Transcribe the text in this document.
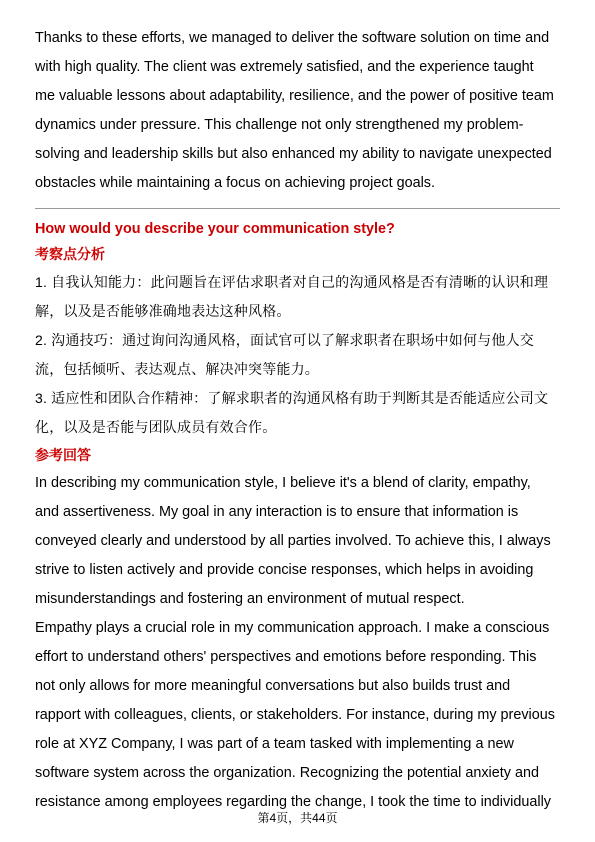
Thanks to these efforts, we managed to deliver the software solution on time and

with high quality. The client was extremely satisfied, and the experience taught

me valuable lessons about adaptability, resilience, and the power of positive team

dynamics under pressure. This challenge not only strengthened my problem-

solving and leadership skills but also enhanced my ability to navigate unexpected

obstacles while maintaining a focus on achieving project goals.

How would you describe your communication style?

考察点分析

1. 自我认知能力：此问题旨在评估求职者对自己的沟通风格是否有清晰的认识和理

解，以及是否能够准确地表达这种风格。

2. 沟通技巧：通过询问沟通风格，面试官可以了解求职者在职场中如何与他人交

流，包括倾听、表达观点、解决冲突等能力。

3. 适应性和团队合作精神：了解求职者的沟通风格有助于判断其是否能适应公司文

化，以及是否能与团队成员有效合作。

参考回答

In describing my communication style, I believe it's a blend of clarity, empathy,

and assertiveness. My goal in any interaction is to ensure that information is

conveyed clearly and understood by all parties involved. To achieve this, I always

strive to listen actively and provide concise responses, which helps in avoiding

misunderstandings and fostering an environment of mutual respect.

Empathy plays a crucial role in my communication approach. I make a conscious

effort to understand others' perspectives and emotions before responding. This

not only allows for more meaningful conversations but also builds trust and

rapport with colleagues, clients, or stakeholders. For instance, during my previous

role at XYZ Company, I was part of a team tasked with implementing a new

software system across the organization. Recognizing the potential anxiety and

resistance among employees regarding the change, I took the time to individually

第4页，共44页
